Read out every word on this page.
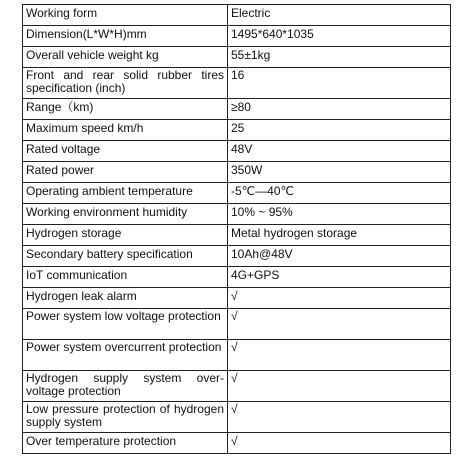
Working form	Electric
Dimension(L*W*H)mm	1495*640*1035
Overall vehicle weight kg	55±1kg
Front and rear solid rubber tires specification (inch)	16
Range（km)	≥80
Maximum speed km/h	25
Rated voltage	48V
Rated power	350W
Operating ambient temperature	-5℃—40℃
Working environment humidity	10% ~ 95%
Hydrogen storage	Metal hydrogen storage
Secondary battery specification	10Ah@48V
IoT communication	4G+GPS
Hydrogen leak alarm	√
Power system low voltage protection	√
Power system overcurrent protection	√
Hydrogen supply system over-voltage protection	√
Low pressure protection of hydrogen supply system	√
Over temperature protection	√
